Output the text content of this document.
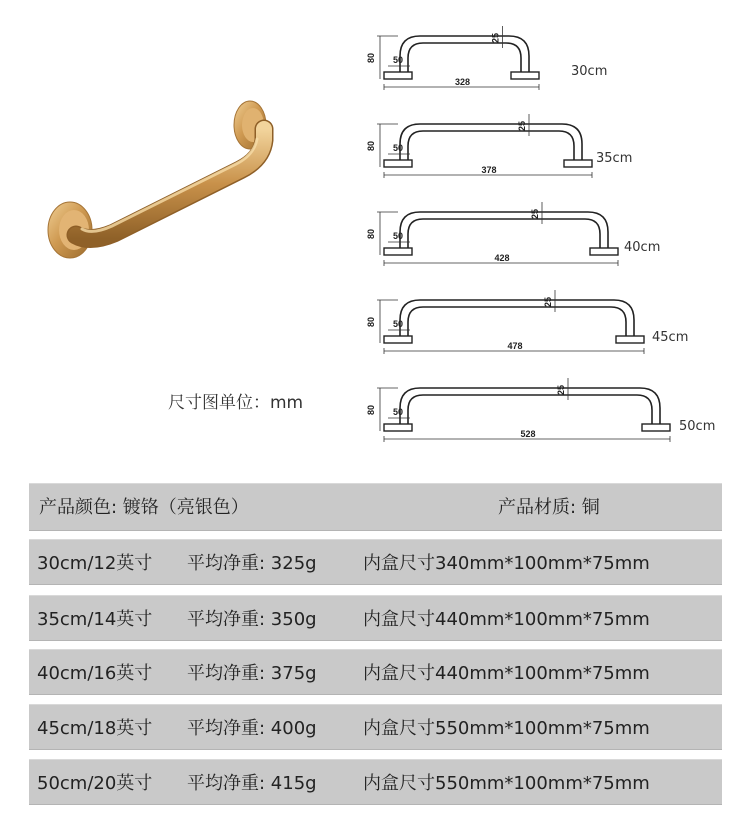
尺寸图单位：mm
80 50
25
328
30cm
80 50
25
378
35cm
80 50
25
428
40cm
80 50
25
478
45cm
80 50
25
528	50cm
产品颜色: 镀铬（亮银色）	产品材质: 铜
30cm/12英寸 平均净重: 325g	内盒尺寸340mm*100mm*75mm
35cm/14英寸 平均净重: 350g	内盒尺寸440mm*100mm*75mm
40cm/16英寸 平均净重: 375g	内盒尺寸440mm*100mm*75mm
45cm/18英寸 平均净重: 400g	内盒尺寸550mm*100mm*75mm
50cm/20英寸 平均净重: 415g	内盒尺寸550mm*100mm*75mm
